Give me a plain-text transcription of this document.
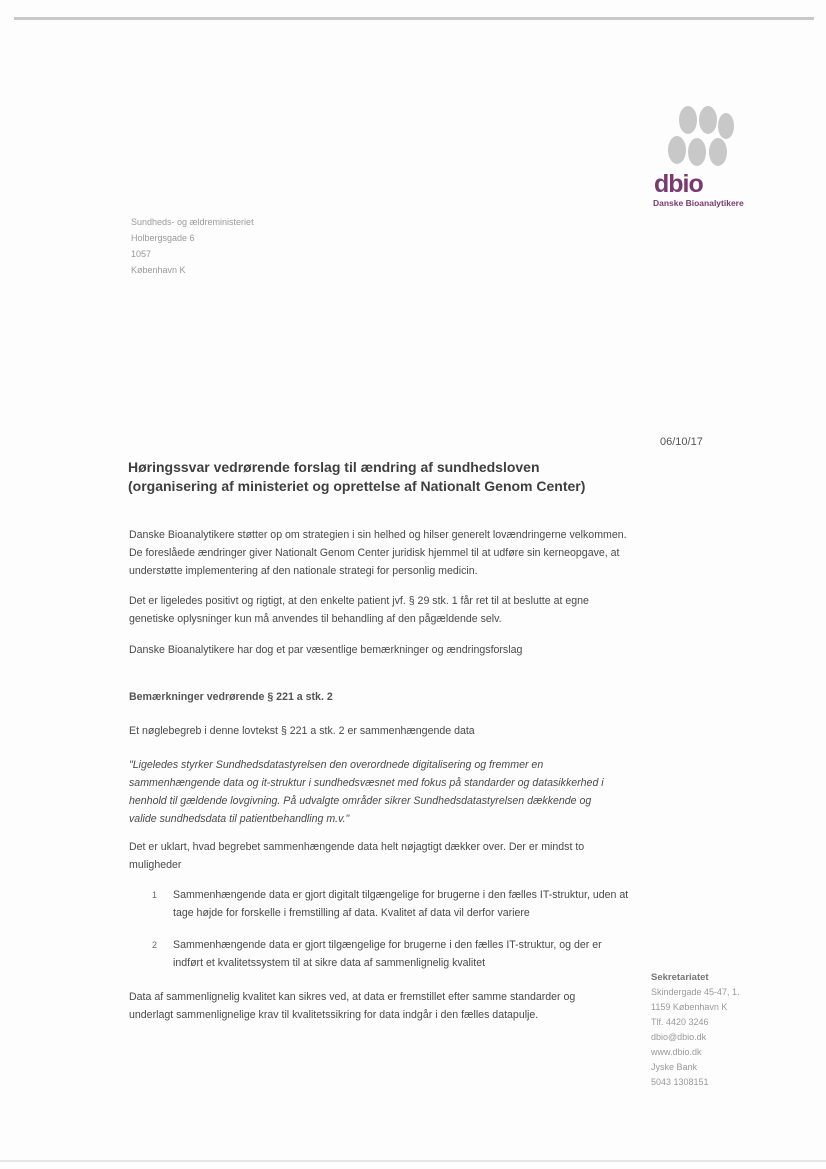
dbio
Danske Bioanalytikere
Sundheds- og ældreministeriet
Holbergsgade 6
1057
København K
06/10/17
Høringssvar vedrørende forslag til ændring af sundhedsloven
(organisering af ministeriet og oprettelse af Nationalt Genom Center)
Danske Bioanalytikere støtter op om strategien i sin helhed og hilser generelt lovændringerne velkommen. De foreslåede ændringer giver Nationalt Genom Center juridisk hjemmel til at udføre sin kerneopgave, at understøtte implementering af den nationale strategi for personlig medicin.
Det er ligeledes positivt og rigtigt, at den enkelte patient jvf. § 29 stk. 1 får ret til at beslutte at egne genetiske oplysninger kun må anvendes til behandling af den pågældende selv.
Danske Bioanalytikere har dog et par væsentlige bemærkninger og ændringsforslag
Bemærkninger vedrørende § 221 a stk. 2
Et nøglebegreb i denne lovtekst § 221 a stk. 2 er sammenhængende data
"Ligeledes styrker Sundhedsdatastyrelsen den overordnede digitalisering og fremmer en sammenhængende data og it-struktur i sundhedsvæsnet med fokus på standarder og datasikkerhed i henhold til gældende lovgivning. På udvalgte områder sikrer Sundhedsdatastyrelsen dækkende og valide sundhedsdata til patientbehandling m.v."
Det er uklart, hvad begrebet sammenhængende data helt nøjagtigt dækker over. Der er mindst to muligheder
1 Sammenhængende data er gjort digitalt tilgængelige for brugerne i den fælles IT-struktur, uden at tage højde for forskelle i fremstilling af data. Kvalitet af data vil derfor variere
2 Sammenhængende data er gjort tilgængelige for brugerne i den fælles IT-struktur, og der er indført et kvalitetssystem til at sikre data af sammenlignelig kvalitet
Data af sammenlignelig kvalitet kan sikres ved, at data er fremstillet efter samme standarder og underlagt sammenlignelige krav til kvalitetssikring for data indgår i den fælles datapulje.
Sekretariatet
Skindergade 45-47, 1.
1159 København K
Tlf. 4420 3246
dbio@dbio.dk
www.dbio.dk
Jyske Bank
5043 1308151
